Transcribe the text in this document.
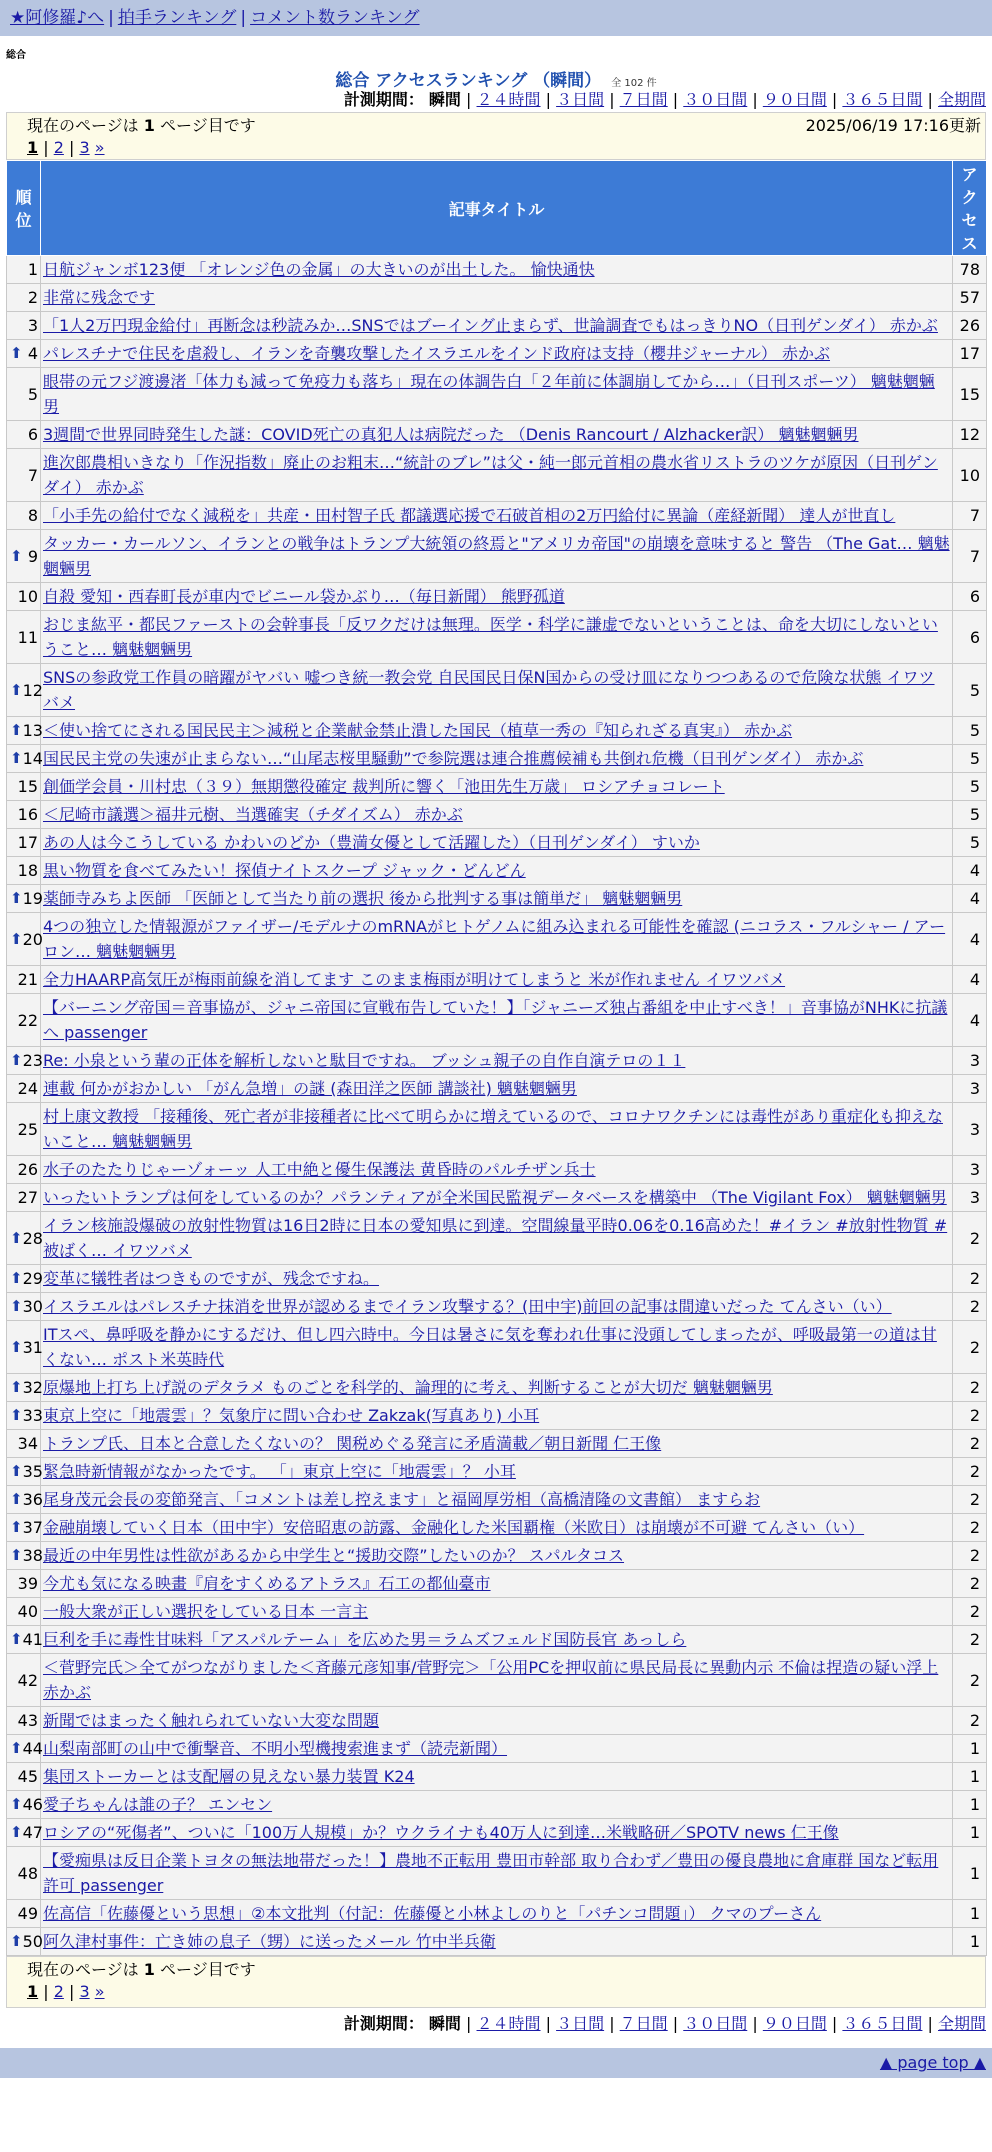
★阿修羅♪へ | 拍手ランキング | コメント数ランキング
総合
総合 アクセスランキング （瞬間） 全 102 件
計測期間： 瞬間 | ２４時間 | ３日間 | ７日間 | ３０日間 | ９０日間 | ３６５日間 | 全期間
現在のページは 1 ページ目です	2025/06/19 17:16更新
1 | 2 | 3 »
順位	記事タイトル	アクセス
1	日航ジャンボ123便 「オレンジ色の金属」の大きいのが出土した。 愉快通快	78
2	非常に残念です	57
3	「1人2万円現金給付」再断念は秒読みか…SNSではブーイング止まらず、世論調査でもはっきりNO（日刊ゲンダイ） 赤かぶ	26

⬆ 4	パレスチナで住民を虐殺し、イランを奇襲攻撃したイスラエルをインド政府は支持（櫻井ジャーナル） 赤かぶ	17
5	眼帯の元フジ渡邊渚「体力も減って免疫力も落ち」現在の体調告白「２年前に体調崩してから…」（日刊スポーツ） 魑魅魍魎男	15
6	3週間で世界同時発生した謎：COVID死亡の真犯人は病院だった （Denis Rancourt / Alzhacker訳） 魑魅魍魎男	12
7	進次郎農相いきなり「作況指数」廃止のお粗末…“統計のブレ”は父・純一郎元首相の農水省リストラのツケが原因（日刊ゲンダイ） 赤かぶ	10
8	「小手先の給付でなく減税を」共産・田村智子氏 都議選応援で石破首相の2万円給付に異論（産経新聞） 達人が世直し	7

⬆ 9	タッカー・カールソン、イランとの戦争はトランプ大統領の終焉と"アメリカ帝国"の崩壊を意味すると 警告 （The Gat… 魑魅魍魎男	7
10	自殺 愛知・西春町長が車内でビニール袋かぶり…（毎日新聞） 熊野孤道	6
11	おじま紘平・都民ファーストの会幹事長「反ワクだけは無理。医学・科学に謙虚でないということは、命を大切にしないということ… 魑魅魍魎男	6

⬆ 12	SNSの参政党工作員の暗躍がヤバい 嘘つき統一教会党 自民国民日保N国からの受け皿になりつつあるので危険な状態 イワツバメ	5

⬆ 13	＜使い捨てにされる国民民主＞減税と企業献金禁止潰した国民（植草一秀の『知られざる真実』） 赤かぶ	5

⬆ 14	国民民主党の失速が止まらない…“山尾志桜里騒動”で参院選は連合推薦候補も共倒れ危機（日刊ゲンダイ） 赤かぶ	5
15	創価学会員・川村忠（３９）無期懲役確定 裁判所に響く「池田先生万歳」 ロシアチョコレート	5
16	＜尼崎市議選＞福井元樹、当選確実（チダイズム） 赤かぶ	5
17	あの人は今こうしている かわいのどか（豊満女優として活躍した）（日刊ゲンダイ） すいか	5
18	黒い物質を食べてみたい！探偵ナイトスクープ ジャック・どんどん	4

⬆ 19	薬師寺みちよ医師 「医師として当たり前の選択 後から批判する事は簡単だ」 魑魅魍魎男	4

⬆ 20	4つの独立した情報源がファイザー/モデルナのmRNAがヒトゲノムに組み込まれる可能性を確認 (ニコラス・フルシャー / アーロン… 魑魅魍魎男	4
21	全力HAARP高気圧が梅雨前線を消してます このまま梅雨が明けてしまうと 米が作れません イワツバメ	4
22	【バーニング帝国＝音事協が、ジャニ帝国に宣戦布告していた！】「ジャニーズ独占番組を中止すべき！」音事協がNHKに抗議へ passenger	4

⬆ 23	Re: 小泉という輩の正体を解析しないと駄目ですね。 ブッシュ親子の自作自演テロの１１	3
24	連載 何かがおかしい 「がん急増」の謎 (森田洋之医師 講談社) 魑魅魍魎男	3
25	村上康文教授 「接種後、死亡者が非接種者に比べて明らかに増えているので、コロナワクチンには毒性があり重症化も抑えないこと… 魑魅魍魎男	3
26	水子のたたりじゃーゾォーッ 人工中絶と優生保護法 黄昏時のパルチザン兵士	3
27	いったいトランプは何をしているのか？パランティアが全米国民監視データベースを構築中 （The Vigilant Fox） 魑魅魍魎男	3

⬆ 28	イラン核施設爆破の放射性物質は16日2時に日本の愛知県に到達。空間線量平時0.06を0.16高めた！#イラン #放射性物質 #被ばく… イワツバメ	2

⬆ 29	変革に犠牲者はつきものですが、残念ですね。	2

⬆ 30	イスラエルはパレスチナ抹消を世界が認めるまでイラン攻撃する？(田中宇)前回の記事は間違いだった てんさい（い）	2

⬆ 31	ITスペ、鼻呼吸を静かにするだけ、但し四六時中。今日は暑さに気を奪われ仕事に没頭してしまったが、呼吸最第一の道は甘くない… ポスト米英時代	2

⬆ 32	原爆地上打ち上げ説のデタラメ ものごとを科学的、論理的に考え、判断することが大切だ 魑魅魍魎男	2

⬆ 33	東京上空に「地震雲」？気象庁に問い合わせ Zakzak(写真あり) 小耳	2
34	トランプ氏、日本と合意したくないの？ 関税めぐる発言に矛盾満載／朝日新聞 仁王像	2

⬆ 35	緊急時新情報がなかったです。 「」東京上空に「地震雲」？ 小耳	2

⬆ 36	尾身茂元会長の変節発言、「コメントは差し控えます」と福岡厚労相（高橋清隆の文書館） ますらお	2

⬆ 37	金融崩壊していく日本（田中宇）安倍昭恵の訪露、金融化した米国覇権（米欧日）は崩壊が不可避 てんさい（い）	2

⬆ 38	最近の中年男性は性欲があるから中学生と“援助交際”したいのか？ スパルタコス	2
39	今尤も気になる映畫『肩をすくめるアトラス』石工の都仙臺市	2
40	一般大衆が正しい選択をしている日本 一言主	2

⬆ 41	巨利を手に毒性甘味料「アスパルテーム」を広めた男＝ラムズフェルド国防長官 あっしら	2
42	＜菅野完氏＞全てがつながりました＜斉藤元彦知事/菅野完＞「公用PCを押収前に県民局長に異動内示 不倫は捏造の疑い浮上 赤かぶ	2
43	新聞ではまったく触れられていない大変な問題	2

⬆ 44	山梨南部町の山中で衝撃音、不明小型機捜索進まず（読売新聞）	1
45	集団ストーカーとは支配層の見えない暴力装置 K24	1

⬆ 46	愛子ちゃんは誰の子？ エンセン	1

⬆ 47	ロシアの“死傷者”、ついに「100万人規模」か？ウクライナも40万人に到達…米戦略研／SPOTV news 仁王像	1
48	【愛痴県は反日企業トヨタの無法地帯だった！】農地不正転用 豊田市幹部 取り合わず／豊田の優良農地に倉庫群 国など転用許可 passenger	1
49	佐高信「佐藤優という思想」②本文批判（付記：佐藤優と小林よしのりと「パチンコ問題」） クマのプーさん	1

⬆ 50	阿久津村事件：亡き姉の息子（甥）に送ったメール 竹中半兵衛	1
現在のページは 1 ページ目です
1 | 2 | 3 »
計測期間： 瞬間 | ２４時間 | ３日間 | ７日間 | ３０日間 | ９０日間 | ３６５日間 | 全期間
▲ page top ▲
